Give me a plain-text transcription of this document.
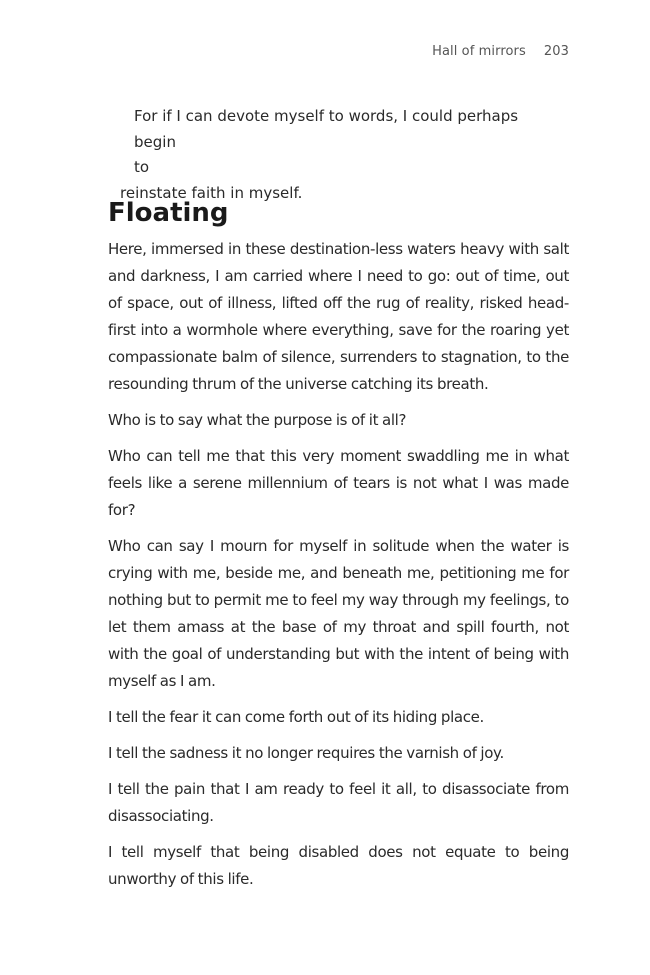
Hall of mirrors 203
For if I can devote myself to words, I could perhaps begin
to
reinstate faith in myself.
Floating

Here, immersed in these destination-less waters heavy with salt and darkness, I am carried where I need to go: out of time, out of space, out of illness, lifted off the rug of reality, risked head-first into a wormhole where everything, save for the roaring yet compassionate balm of silence, surrenders to stagnation, to the resounding thrum of the universe catching its breath.

Who is to say what the purpose is of it all?

Who can tell me that this very moment swaddling me in what feels like a serene millennium of tears is not what I was made for?

Who can say I mourn for myself in solitude when the water is crying with me, beside me, and beneath me, petitioning me for nothing but to permit me to feel my way through my feelings, to let them amass at the base of my throat and spill fourth, not with the goal of understanding but with the intent of being with myself as I am.

I tell the fear it can come forth out of its hiding place.

I tell the sadness it no longer requires the varnish of joy.

I tell the pain that I am ready to feel it all, to disassociate from disassociating.

I tell myself that being disabled does not equate to being unworthy of this life.
